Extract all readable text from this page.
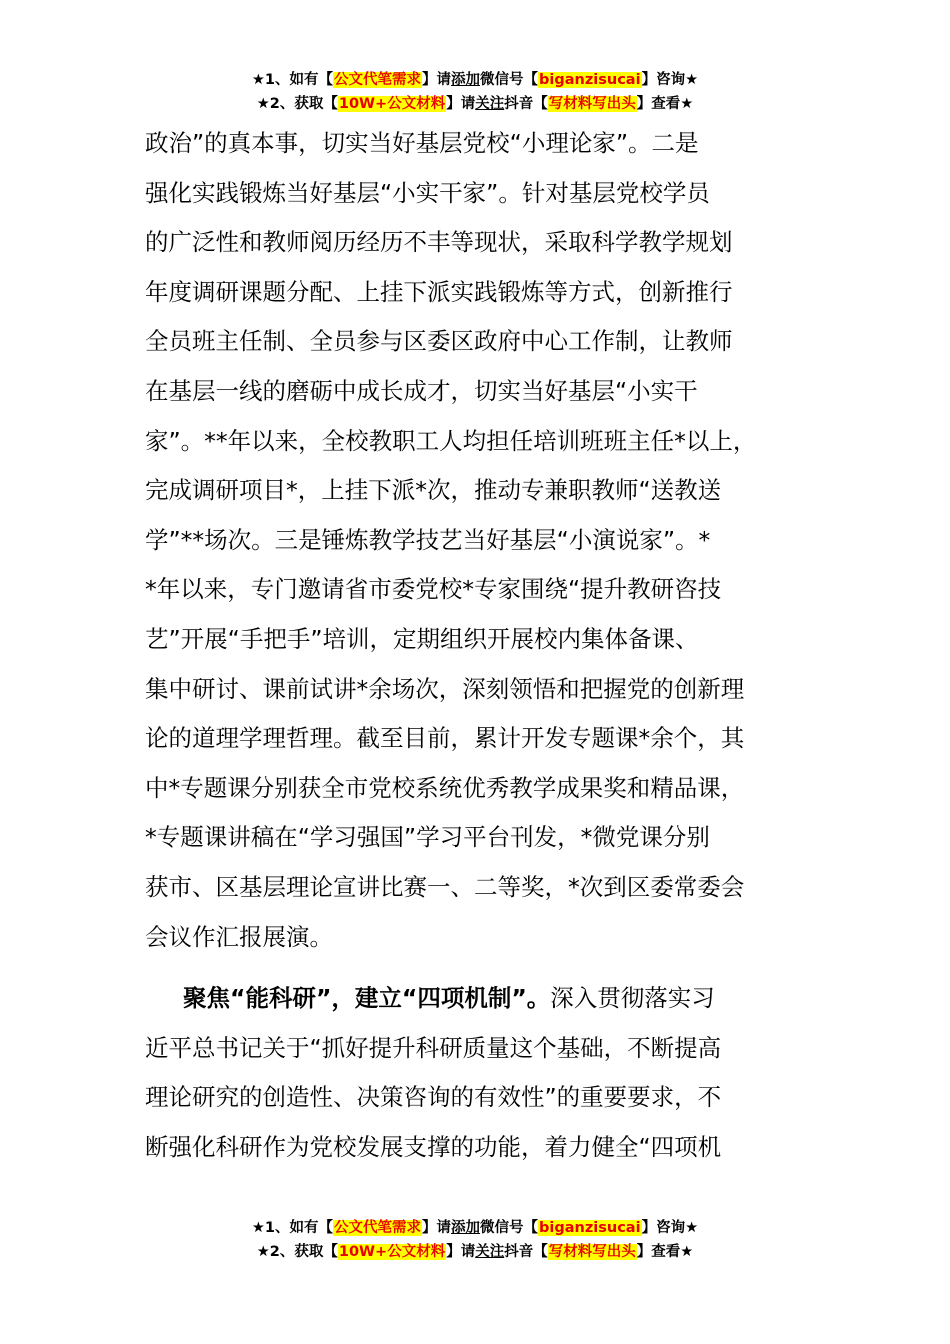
★1、如有【公文代笔需求】请添加微信号【biganzisucai】咨询★
★2、获取【10W+公文材料】请关注抖音【写材料写出头】查看★

政治”的真本事，切实当好基层党校“小理论家”。二是

强化实践锻炼当好基层“小实干家”。针对基层党校学员

的广泛性和教师阅历经历不丰等现状，采取科学教学规划

年度调研课题分配、上挂下派实践锻炼等方式，创新推行

全员班主任制、全员参与区委区政府中心工作制，让教师

在基层一线的磨砺中成长成才，切实当好基层“小实干

家”。**年以来，全校教职工人均担任培训班班主任*以上，

完成调研项目*，上挂下派*次，推动专兼职教师“送教送

学”**场次。三是锤炼教学技艺当好基层“小演说家”。*

*年以来，专门邀请省市委党校*专家围绕“提升教研咨技

艺”开展“手把手”培训，定期组织开展校内集体备课、

集中研讨、课前试讲*余场次，深刻领悟和把握党的创新理

论的道理学理哲理。截至目前，累计开发专题课*余个，其

中*专题课分别获全市党校系统优秀教学成果奖和精品课，

*专题课讲稿在“学习强国”学习平台刊发，*微党课分别

获市、区基层理论宣讲比赛一、二等奖，*次到区委常委会

会议作汇报展演。

聚焦“能科研”，建立“四项机制”。深入贯彻落实习

近平总书记关于“抓好提升科研质量这个基础，不断提高

理论研究的创造性、决策咨询的有效性”的重要要求，不

断强化科研作为党校发展支撑的功能，着力健全“四项机

★1、如有【公文代笔需求】请添加微信号【biganzisucai】咨询★
★2、获取【10W+公文材料】请关注抖音【写材料写出头】查看★
